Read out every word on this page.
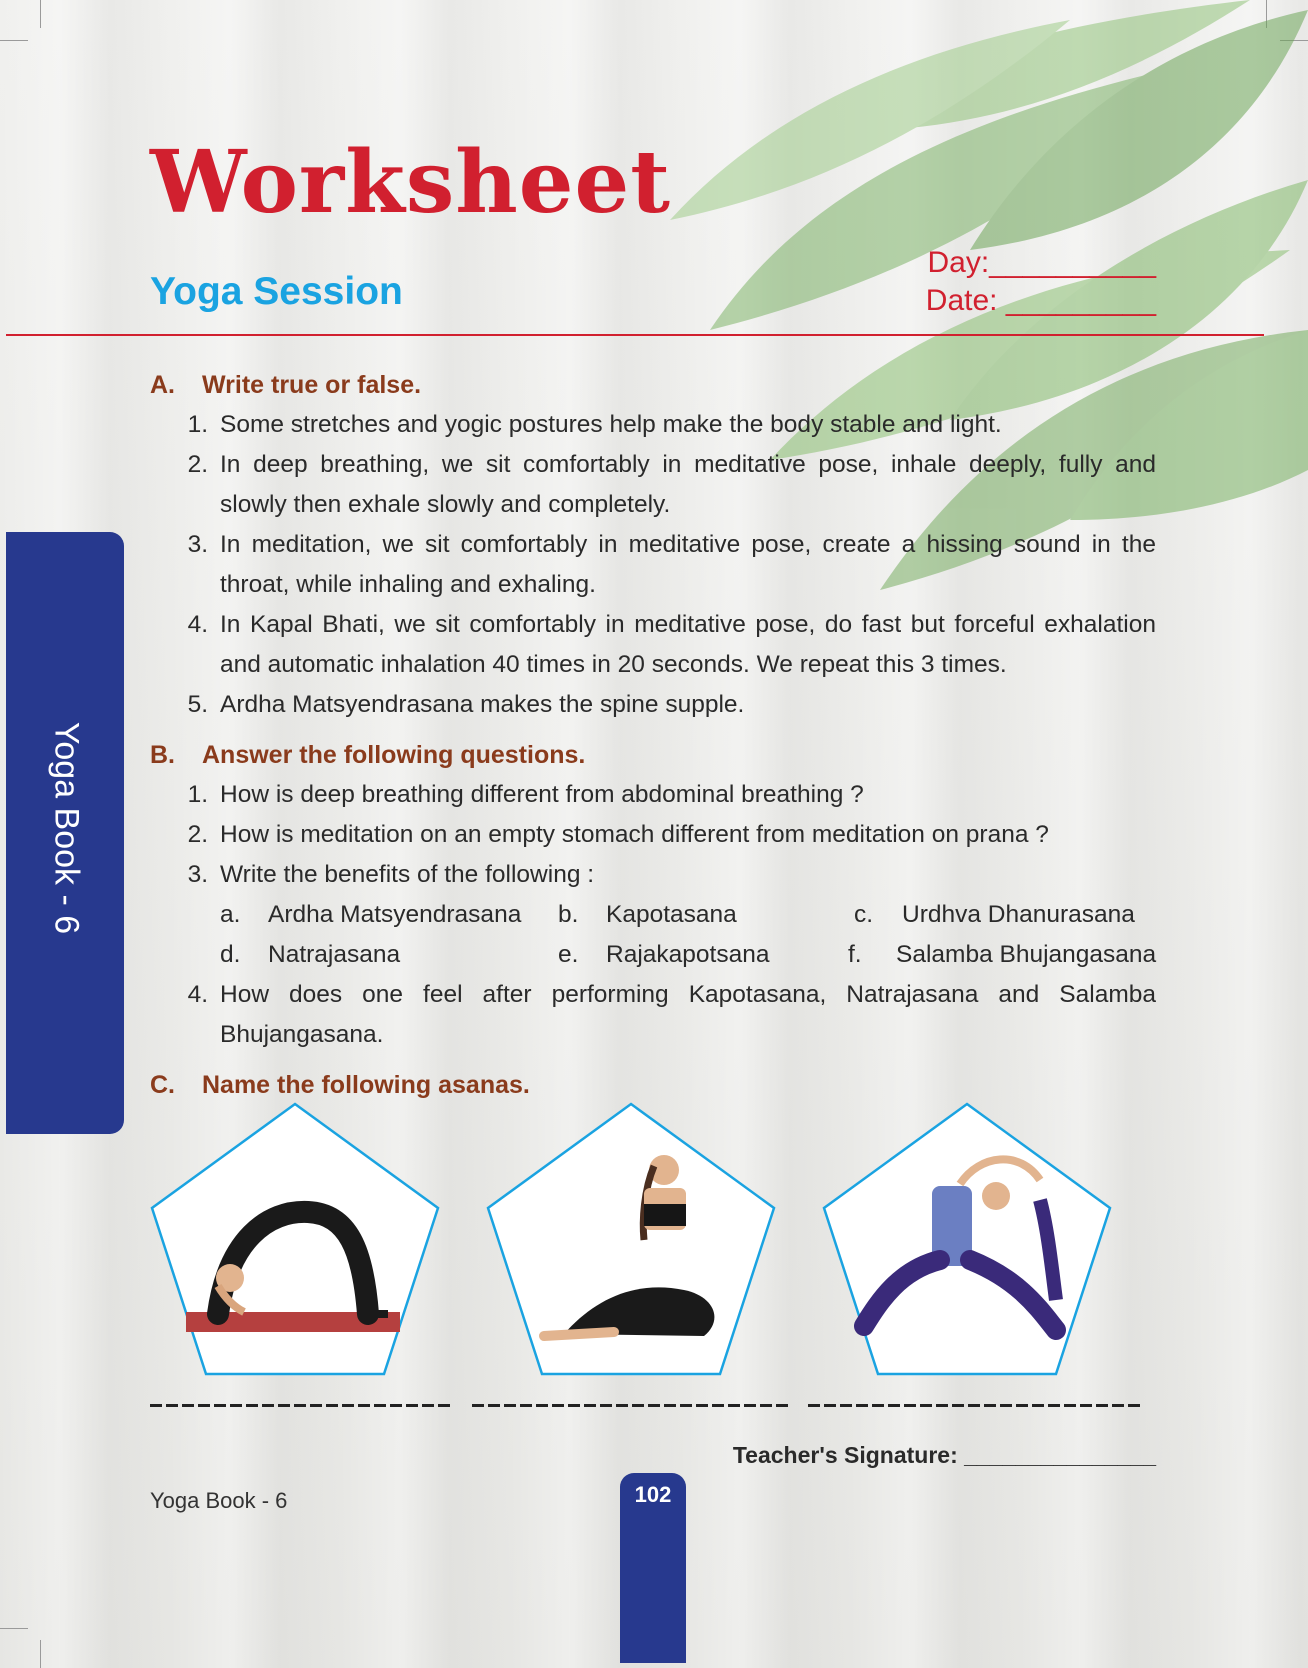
Worksheet
Yoga Session
Day:__________
Date: _________
Yoga Book - 6
A. Write true or false.
1. Some stretches and yogic postures help make the body stable and light.
2. In deep breathing, we sit comfortably in meditative pose, inhale deeply, fully and slowly then exhale slowly and completely.
3. In meditation, we sit comfortably in meditative pose, create a hissing sound in the throat, while inhaling and exhaling.
4. In Kapal Bhati, we sit comfortably in meditative pose, do fast but forceful exhalation and automatic inhalation 40 times in 20 seconds. We repeat this 3 times.
5. Ardha Matsyendrasana makes the spine supple.
B. Answer the following questions.
1. How is deep breathing different from abdominal breathing ?
2. How is meditation on an empty stomach different from meditation on prana ?
3. Write the benefits of the following :
a. Ardha Matsyendrasana b. Kapotasana	c. Urdhva Dhanurasana
d. Natrajasana	e. Rajakapotsana	f. Salamba Bhujangasana
4. How does one feel after performing Kapotasana, Natrajasana and Salamba Bhujangasana.
C. Name the following asanas.
Teacher's Signature: _______________
Yoga Book - 6	102
